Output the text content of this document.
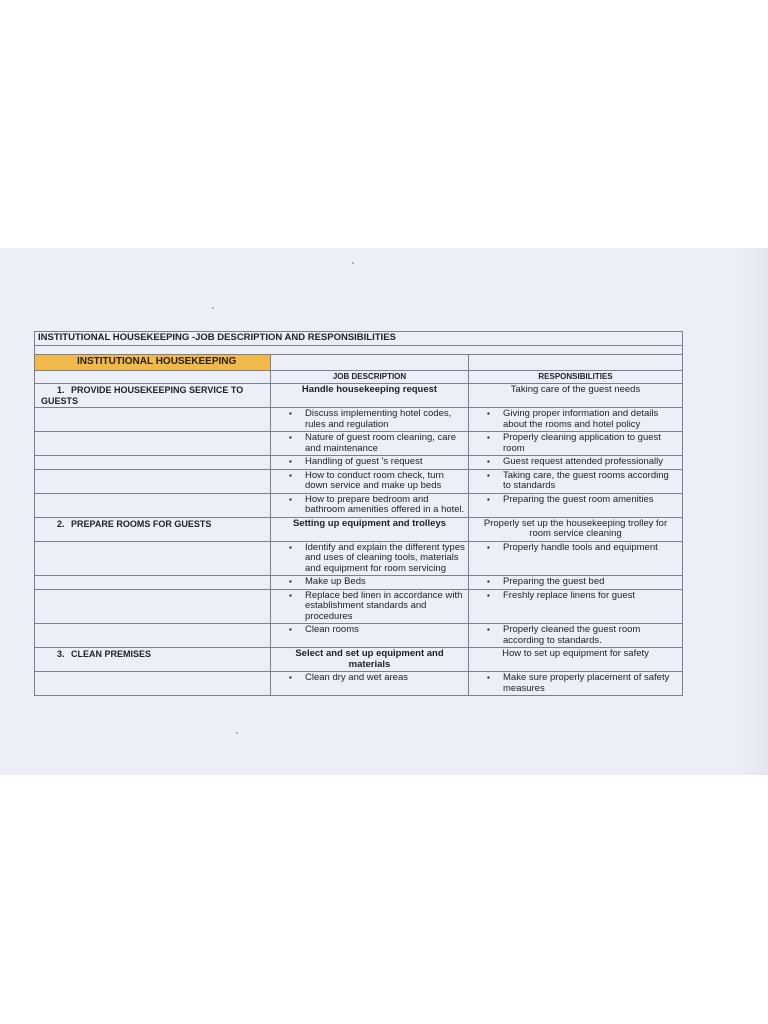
INSTITUTIONAL HOUSEKEEPING -JOB DESCRIPTION AND RESPONSIBILITIES		

INSTITUTIONAL HOUSEKEEPING		
	JOB DESCRIPTION	RESPONSIBILITIES
1. PROVIDE HOUSEKEEPING SERVICE TO GUESTS	Handle housekeeping request	Taking care of the guest needs

	▪ Discuss implementing hotel codes, rules and regulation	▪ Giving proper information and details about the rooms and hotel policy

	▪ Nature of guest room cleaning, care and maintenance	▪ Properly cleaning application to guest room

	▪ Handling of guest 's request	▪ Guest request attended professionally

	▪ How to conduct room check, turn down service and make up beds	▪ Taking care, the guest rooms according to standards

	▪ How to prepare bedroom and bathroom amenities offered in a hotel.	▪ Preparing the guest room amenities

2. PREPARE ROOMS FOR GUESTS	Setting up equipment and trolleys	Properly set up the housekeeping trolley for room service cleaning

	▪ Identify and explain the different types and uses of cleaning tools, materials and equipment for room servicing	▪ Properly handle tools and equipment

	▪ Make up Beds	▪ Preparing the guest bed

	▪ Replace bed linen in accordance with establishment standards and procedures	▪ Freshly replace linens for guest

	▪ Clean rooms	▪ Properly cleaned the guest room according to standards.

3. CLEAN PREMISES	Select and set up equipment and materials	How to set up equipment for safety

	▪ Clean dry and wet areas	▪ Make sure properly placement of safety measures
